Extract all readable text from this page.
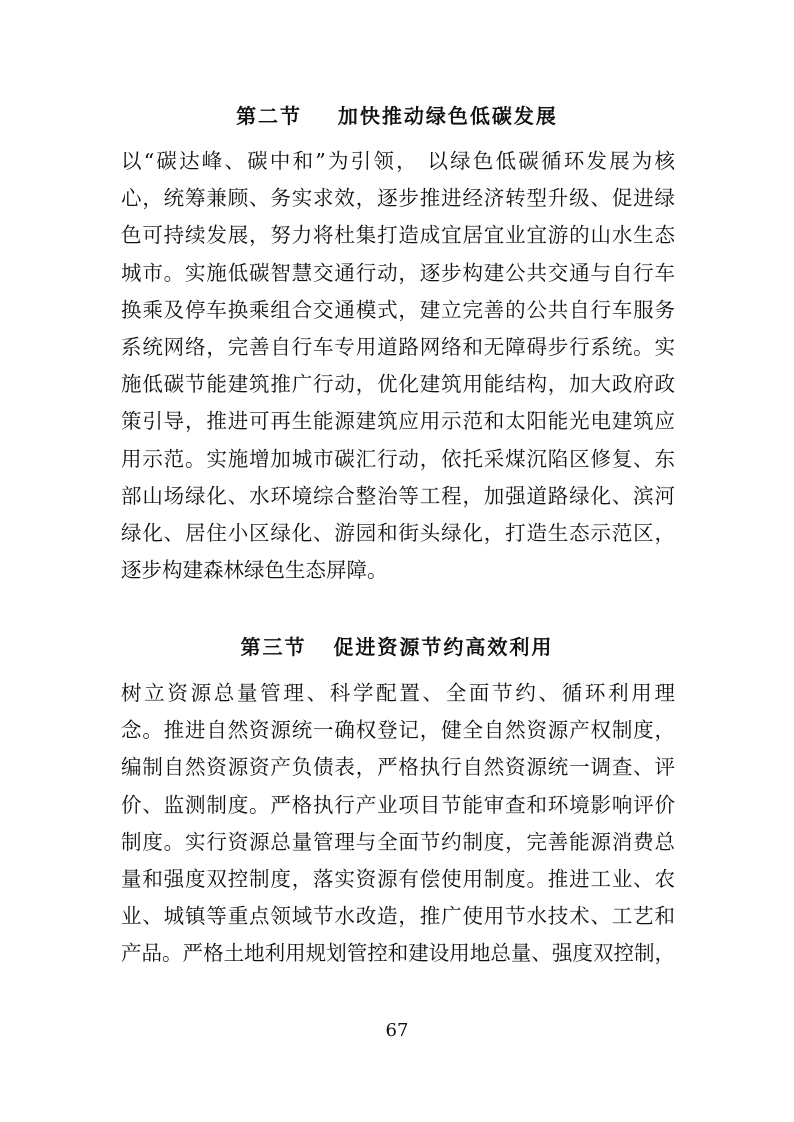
第二节    加快推动绿色低碳发展
以“碳达峰、碳中和”为引领， 以绿色低碳循环发展为核
心，统筹兼顾、务实求效，逐步推进经济转型升级、促进绿
色可持续发展，努力将杜集打造成宜居宜业宜游的山水生态
城市。实施低碳智慧交通行动，逐步构建公共交通与自行车
换乘及停车换乘组合交通模式，建立完善的公共自行车服务
系统网络，完善自行车专用道路网络和无障碍步行系统。实
施低碳节能建筑推广行动，优化建筑用能结构，加大政府政
策引导，推进可再生能源建筑应用示范和太阳能光电建筑应
用示范。实施增加城市碳汇行动，依托采煤沉陷区修复、东
部山场绿化、水环境综合整治等工程，加强道路绿化、滨河
绿化、居住小区绿化、游园和街头绿化，打造生态示范区，
逐步构建森林绿色生态屏障。
第三节   促进资源节约高效利用
树立资源总量管理、科学配置、全面节约、循环利用理
念。推进自然资源统一确权登记，健全自然资源产权制度，
编制自然资源资产负债表，严格执行自然资源统一调查、评
价、监测制度。严格执行产业项目节能审查和环境影响评价
制度。实行资源总量管理与全面节约制度，完善能源消费总
量和强度双控制度，落实资源有偿使用制度。推进工业、农
业、城镇等重点领域节水改造，推广使用节水技术、工艺和
产品。严格土地利用规划管控和建设用地总量、强度双控制，
67
